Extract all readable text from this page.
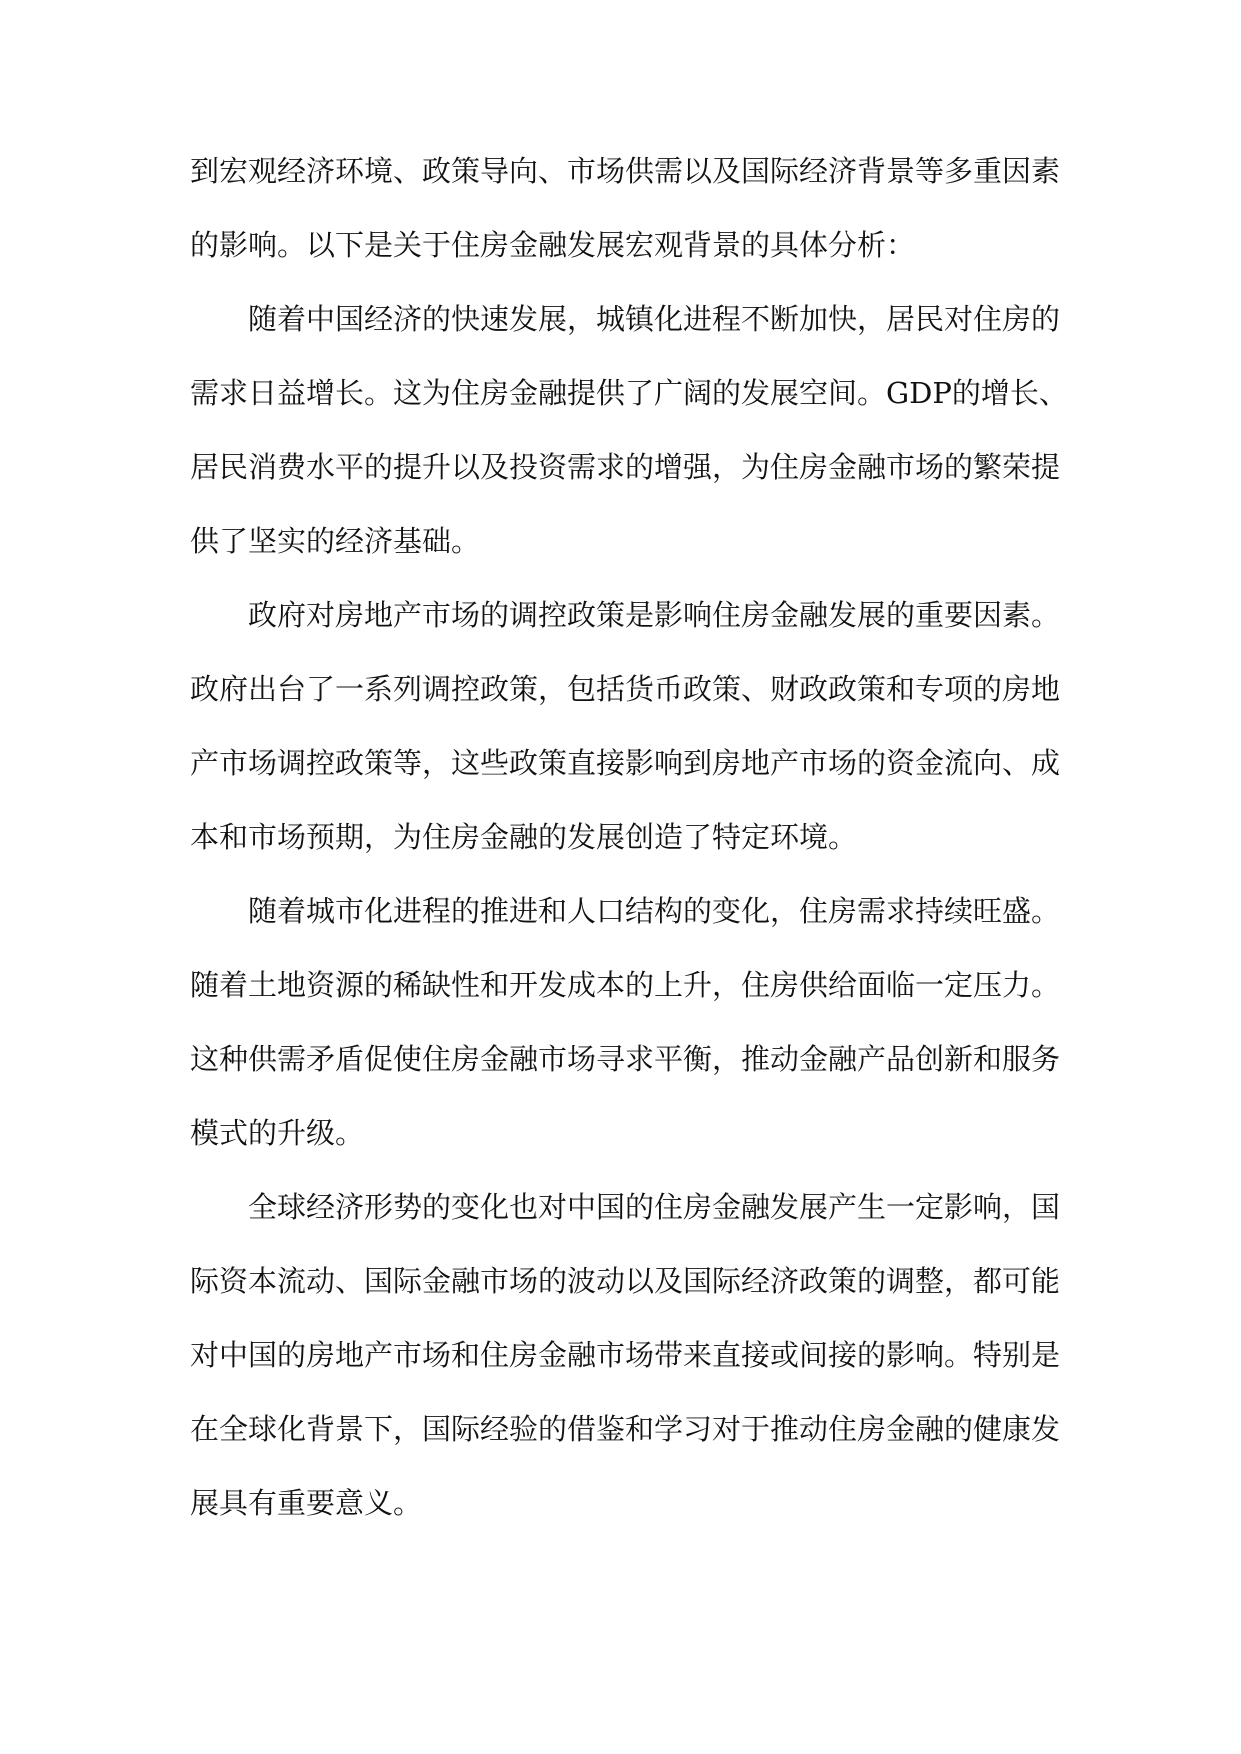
到宏观经济环境、政策导向、市场供需以及国际经济背景等多重因素
的影响。以下是关于住房金融发展宏观背景的具体分析：
随着中国经济的快速发展，城镇化进程不断加快，居民对住房的
需求日益增长。这为住房金融提供了广阔的发展空间。GDP的增长、
居民消费水平的提升以及投资需求的增强，为住房金融市场的繁荣提
供了坚实的经济基础。
政府对房地产市场的调控政策是影响住房金融发展的重要因素。
政府出台了一系列调控政策，包括货币政策、财政政策和专项的房地
产市场调控政策等，这些政策直接影响到房地产市场的资金流向、成
本和市场预期，为住房金融的发展创造了特定环境。
随着城市化进程的推进和人口结构的变化，住房需求持续旺盛。
随着土地资源的稀缺性和开发成本的上升，住房供给面临一定压力。
这种供需矛盾促使住房金融市场寻求平衡，推动金融产品创新和服务
模式的升级。
全球经济形势的变化也对中国的住房金融发展产生一定影响，国
际资本流动、国际金融市场的波动以及国际经济政策的调整，都可能
对中国的房地产市场和住房金融市场带来直接或间接的影响。特别是
在全球化背景下，国际经验的借鉴和学习对于推动住房金融的健康发
展具有重要意义。
